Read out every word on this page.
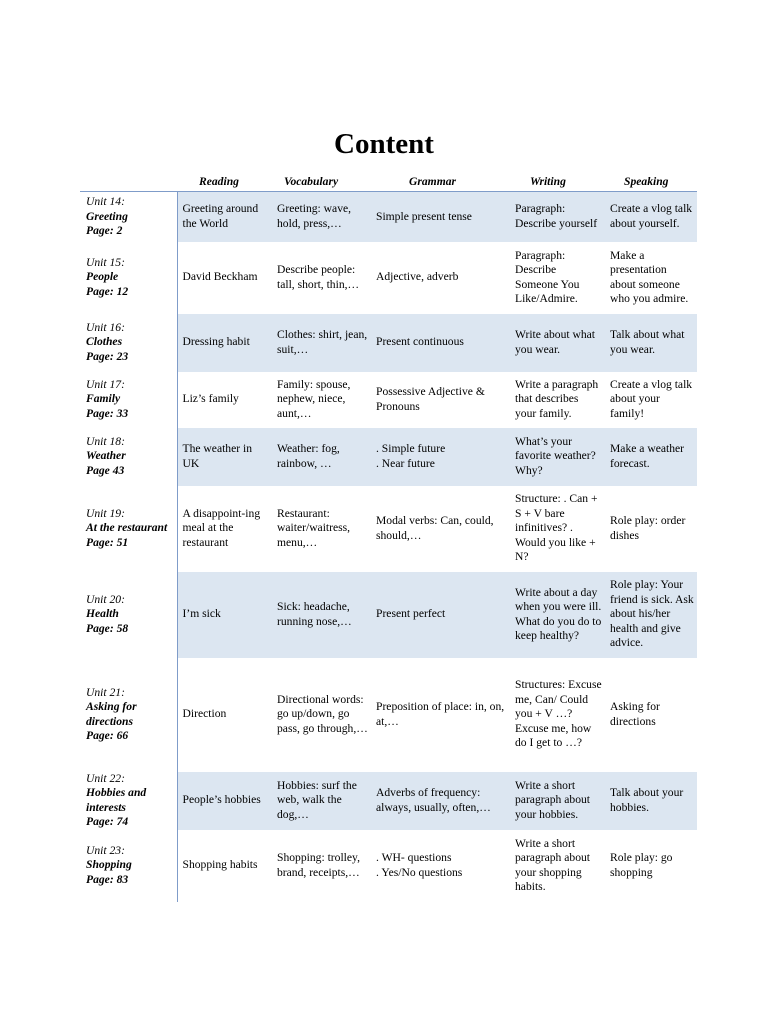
Content
	Reading	Vocabulary	Grammar	Writing	Speaking

Unit 14:
Greeting
Page: 2	Greeting around the World	Greeting: wave, hold, press,…	Simple present tense	Paragraph: Describe yourself	Create a vlog talk about yourself.

Unit 15:
People
Page: 12	David Beckham	Describe people: tall, short, thin,…	Adjective, adverb	Paragraph: Describe Someone You Like/Admire.	Make a presentation about someone who you admire.

Unit 16:
Clothes
Page: 23	Dressing habit	Clothes: shirt, jean, suit,…	Present continuous	Write about what you wear.	Talk about what you wear.

Unit 17:
Family
Page: 33	Liz’s family	Family: spouse, nephew, niece, aunt,…	Possessive Adjective & Pronouns	Write a paragraph that describes your family.	Create a vlog talk about your family!

Unit 18:
Weather
Page 43	The weather in UK	Weather: fog, rainbow, …	. Simple future
. Near future	What’s your favorite weather? Why?	Make a weather forecast.

Unit 19:
At the restaurant
Page: 51	A disappoint-ing meal at the restaurant	Restaurant: waiter/waitress, menu,…	Modal verbs: Can, could, should,…	Structure: . Can + S + V bare infinitives? . Would you like + N?	Role play: order dishes

Unit 20:
Health
Page: 58	I’m sick	Sick: headache, running nose,…	Present perfect	Write about a day when you were ill. What do you do to keep healthy?	Role play: Your friend is sick. Ask about his/her health and give advice.

Unit 21:
Asking for directions
Page: 66	Direction	Directional words: go up/down, go pass, go through,…	Preposition of place: in, on, at,…	Structures: Excuse me, Can/ Could you + V …? Excuse me, how do I get to …?	Asking for directions

Unit 22:
Hobbies and interests
Page: 74	People’s hobbies	Hobbies: surf the web, walk the dog,…	Adverbs of frequency: always, usually, often,…	Write a short paragraph about your hobbies.	Talk about your hobbies.

Unit 23:
Shopping
Page: 83	Shopping habits	Shopping: trolley, brand, receipts,…	. WH- questions
. Yes/No questions	Write a short paragraph about your shopping habits.	Role play: go shopping
